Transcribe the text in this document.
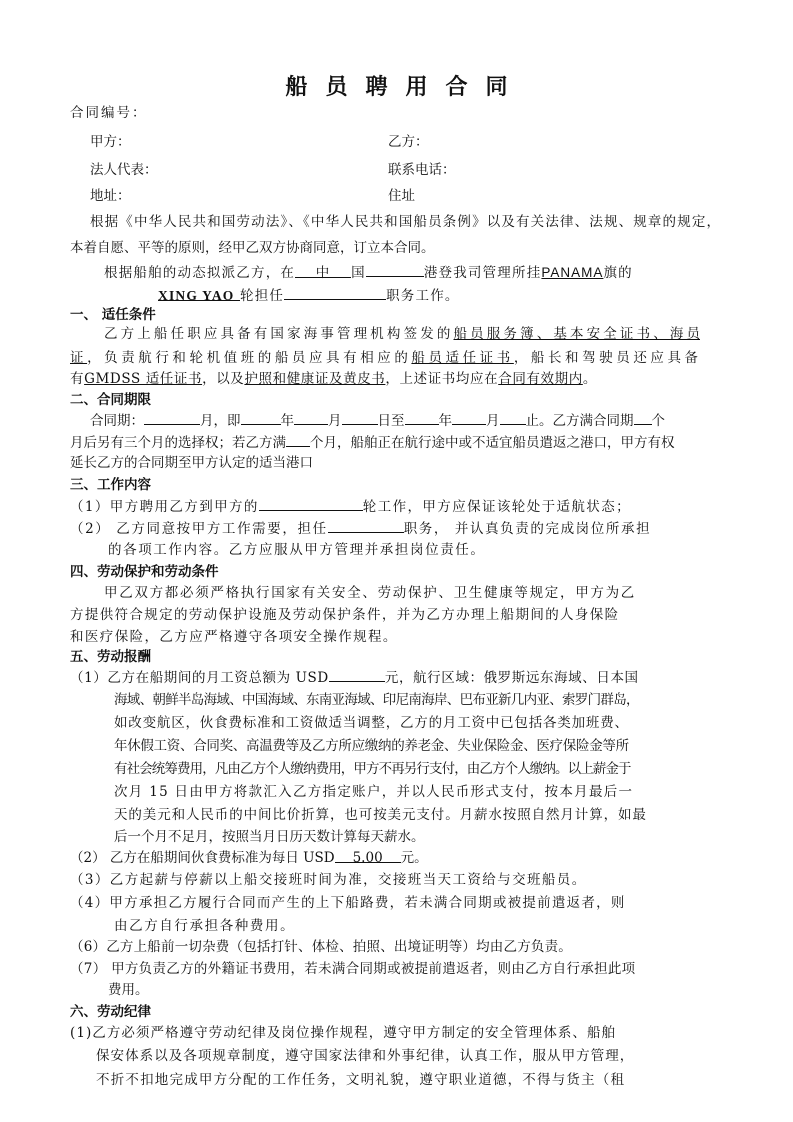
船员聘用合同
合同编号：
甲方：	乙方：
法人代表：	联系电话：
地址：	住址
根据《中华人民共和国劳动法》、《中华人民共和国船员条例》以及有关法律、法规、规章的规定，
本着自愿、平等的原则，经甲乙双方协商同意，订立本合同。
根据船舶的动态拟派乙方，在 中 国	港登我司管理所挂PANAMA旗的
XING YAO 轮担任	职务工作。
一、 适任条件
乙方上船任职应具备有国家海事管理机构签发的船员服务簿、基本安全证书、海员
证，负责航行和轮机值班的船员应具有相应的船员适任证书，船长和驾驶员还应具备
有GMDSS 适任证书，以及护照和健康证及黄皮书，上述证书均应在合同有效期内。
二、合同期限
合同期：	月，即	年	月	日至	年	月 止。乙方满合同期 个
月后另有三个月的选择权；若乙方满 个月，船舶正在航行途中或不适宜船员遣返之港口，甲方有权
延长乙方的合同期至甲方认定的适当港口
三、工作内容
（1）甲方聘用乙方到甲方的	轮工作，甲方应保证该轮处于适航状态；
（2） 乙方同意按甲方工作需要，担任	职务， 并认真负责的完成岗位所承担
的各项工作内容。乙方应服从甲方管理并承担岗位责任。
四、劳动保护和劳动条件
甲乙双方都必须严格执行国家有关安全、劳动保护、卫生健康等规定，甲方为乙
方提供符合规定的劳动保护设施及劳动保护条件，并为乙方办理上船期间的人身保险
和医疗保险，乙方应严格遵守各项安全操作规程。
五、劳动报酬
（1）乙方在船期间的月工资总额为 USD	元，航行区域：俄罗斯远东海域、日本国
海域、朝鲜半岛海域、中国海域、东南亚海域、印尼南海岸、巴布亚新几内亚、索罗门群岛，
如改变航区，伙食费标准和工资做适当调整，乙方的月工资中已包括各类加班费、
年休假工资、合同奖、高温费等及乙方所应缴纳的养老金、失业保险金、医疗保险金等所
有社会统筹费用，凡由乙方个人缴纳费用，甲方不再另行支付，由乙方个人缴纳。以上薪金于
次月 15 日由甲方将款汇入乙方指定账户，并以人民币形式支付，按本月最后一
天的美元和人民币的中间比价折算，也可按美元支付。月薪水按照自然月计算，如最
后一个月不足月，按照当月日历天数计算每天薪水。
（2） 乙方在船期间伙食费标准为每日 USD 5.00 元。
（3）乙方起薪与停薪以上船交接班时间为准，交接班当天工资给与交班船员。
（4）甲方承担乙方履行合同而产生的上下船路费，若未满合同期或被提前遣返者，则
由乙方自行承担各种费用。
（6）乙方上船前一切杂费（包括打针、体检、拍照、出境证明等）均由乙方负责。
（7） 甲方负责乙方的外籍证书费用，若未满合同期或被提前遣返者，则由乙方自行承担此项
费用。
六、劳动纪律
(1)乙方必须严格遵守劳动纪律及岗位操作规程，遵守甲方制定的安全管理体系、船舶
保安体系以及各项规章制度，遵守国家法律和外事纪律，认真工作，服从甲方管理，
不折不扣地完成甲方分配的工作任务，文明礼貌，遵守职业道德，不得与货主（租
